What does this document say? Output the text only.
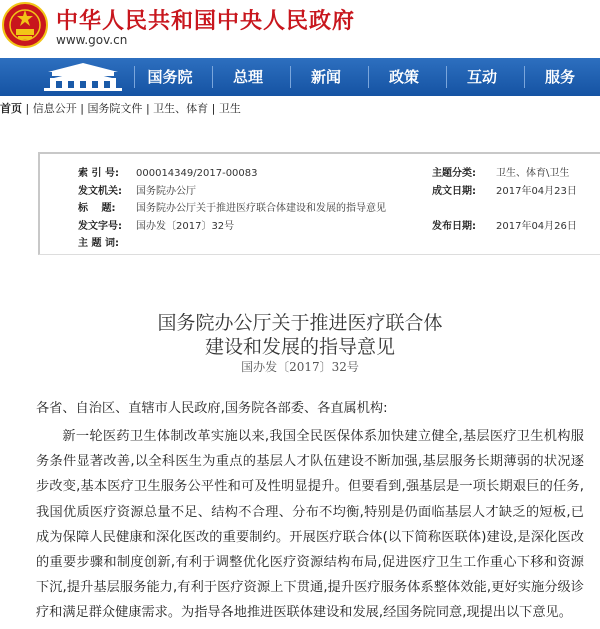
中华人民共和国中央人民政府
www.gov.cn
国务院	总理	新闻	政策	互动	服务
首页 | 信息公开 | 国务院文件 | 卫生、体育 | 卫生
索 引 号: 000014349/2017-00083	主题分类: 卫生、体育\卫生
发文机关: 国务院办公厅	成文日期: 2017年04月23日
标　 题: 国务院办公厅关于推进医疗联合体建设和发展的指导意见
发文字号: 国办发〔2017〕32号	发布日期: 2017年04月26日
主 题 词:
国务院办公厅关于推进医疗联合体
建设和发展的指导意见
国办发〔2017〕32号
各省、自治区、直辖市人民政府,国务院各部委、各直属机构:
新一轮医药卫生体制改革实施以来,我国全民医保体系加快建立健全,基层医疗卫生机构服务条件显著改善,以全科医生为重点的基层人才队伍建设不断加强,基层服务长期薄弱的状况逐步改变,基本医疗卫生服务公平性和可及性明显提升。但要看到,强基层是一项长期艰巨的任务,我国优质医疗资源总量不足、结构不合理、分布不均衡,特别是仍面临基层人才缺乏的短板,已成为保障人民健康和深化医改的重要制约。开展医疗联合体(以下简称医联体)建设,是深化医改的重要步骤和制度创新,有利于调整优化医疗资源结构布局,促进医疗卫生工作重心下移和资源下沉,提升基层服务能力,有利于医疗资源上下贯通,提升医疗服务体系整体效能,更好实施分级诊疗和满足群众健康需求。为指导各地推进医联体建设和发展,经国务院同意,现提出以下意见。
